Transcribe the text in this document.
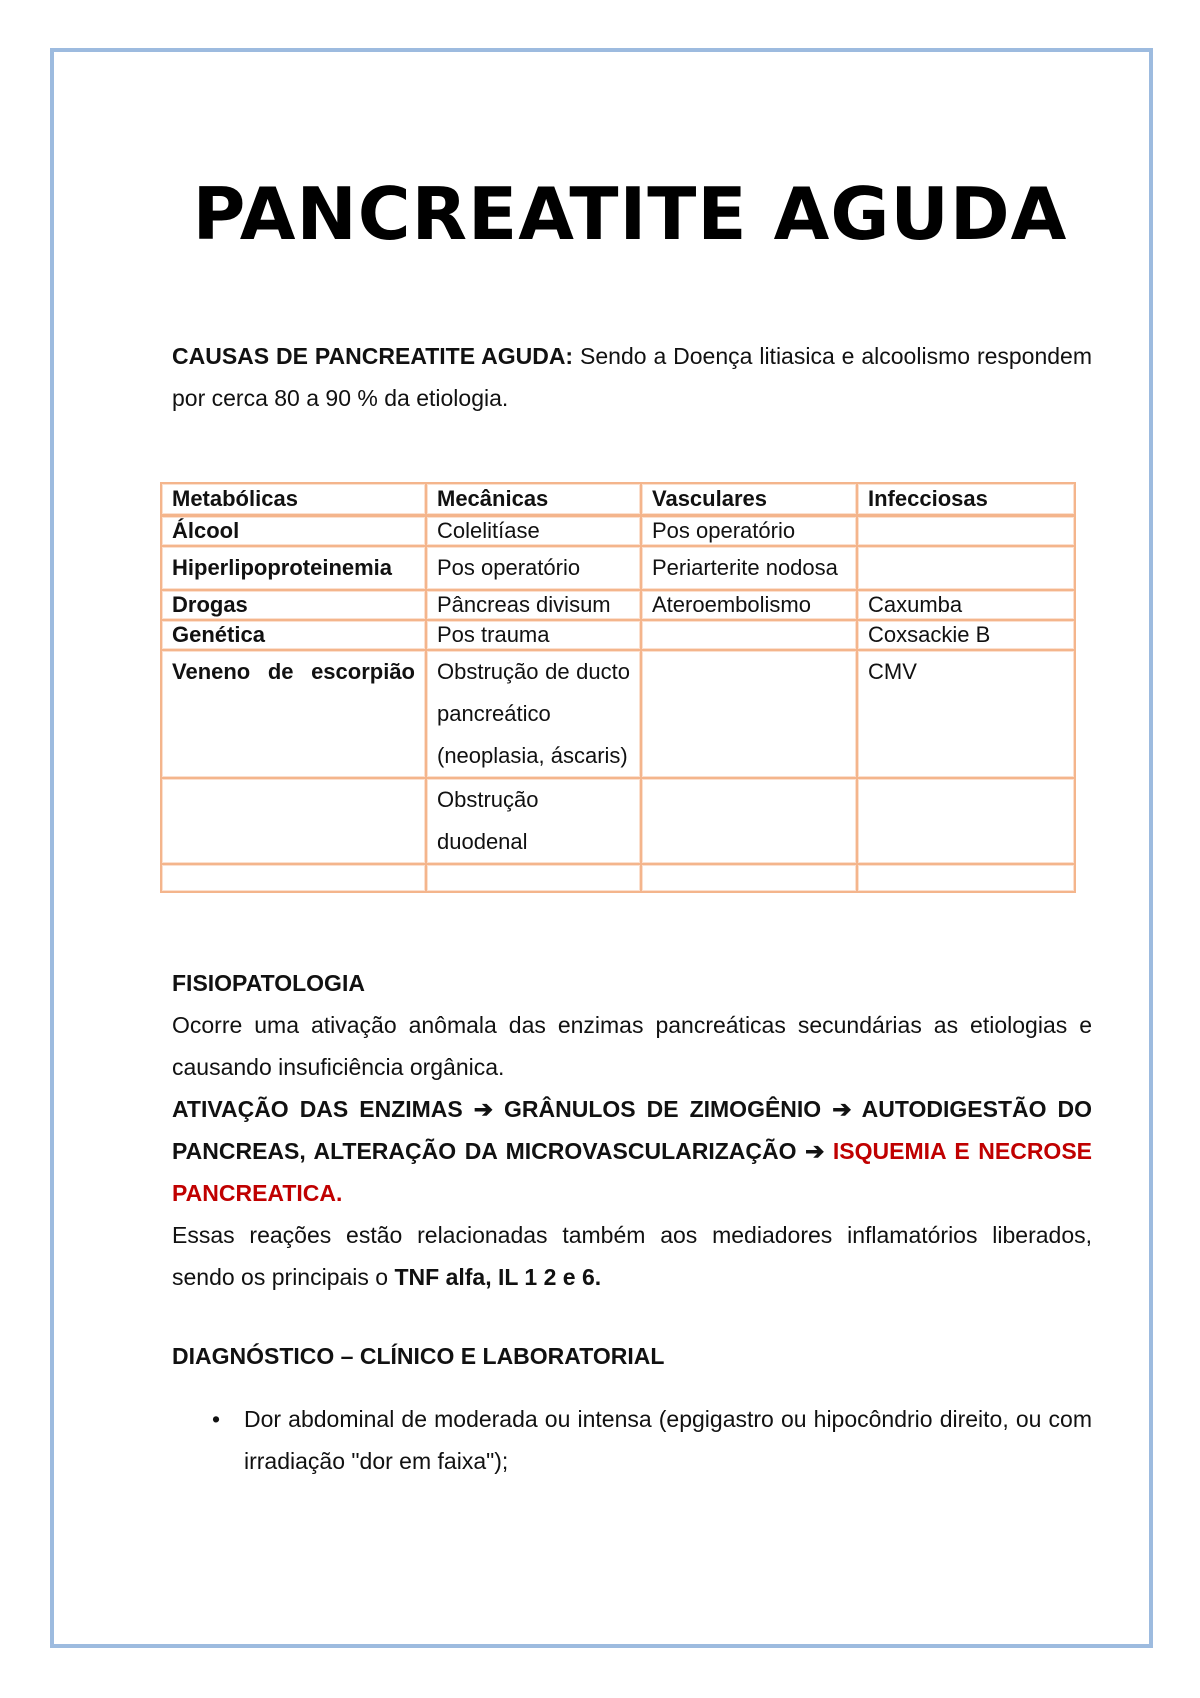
PANCREATITE AGUDA
CAUSAS DE PANCREATITE AGUDA: Sendo a Doença litiasica e alcoolismo respondem por cerca 80 a 90 % da etiologia.
Metabólicas	Mecânicas	Vasculares	Infecciosas
Álcool	Colelitíase	Pos operatório	
Hiperlipoproteinemia	Pos operatório	Periarterite nodosa	
Drogas	Pâncreas divisum	Ateroembolismo	Caxumba
Genética	Pos trauma		Coxsackie B
Veneno de escorpião	Obstrução de ducto pancreático (neoplasia, áscaris)		CMV
	Obstrução duodenal		

FISIOPATOLOGIA
Ocorre uma ativação anômala das enzimas pancreáticas secundárias as etiologias e causando insuficiência orgânica.
ATIVAÇÃO DAS ENZIMAS ➔ GRÂNULOS DE ZIMOGÊNIO ➔ AUTODIGESTÃO DO PANCREAS, ALTERAÇÃO DA MICROVASCULARIZAÇÃO ➔ ISQUEMIA E NECROSE PANCREATICA.
Essas reações estão relacionadas também aos mediadores inflamatórios liberados, sendo os principais o TNF alfa, IL 1 2 e 6.
DIAGNÓSTICO – CLÍNICO E LABORATORIAL
• Dor abdominal de moderada ou intensa (epgigastro ou hipocôndrio direito, ou com irradiação "dor em faixa");
